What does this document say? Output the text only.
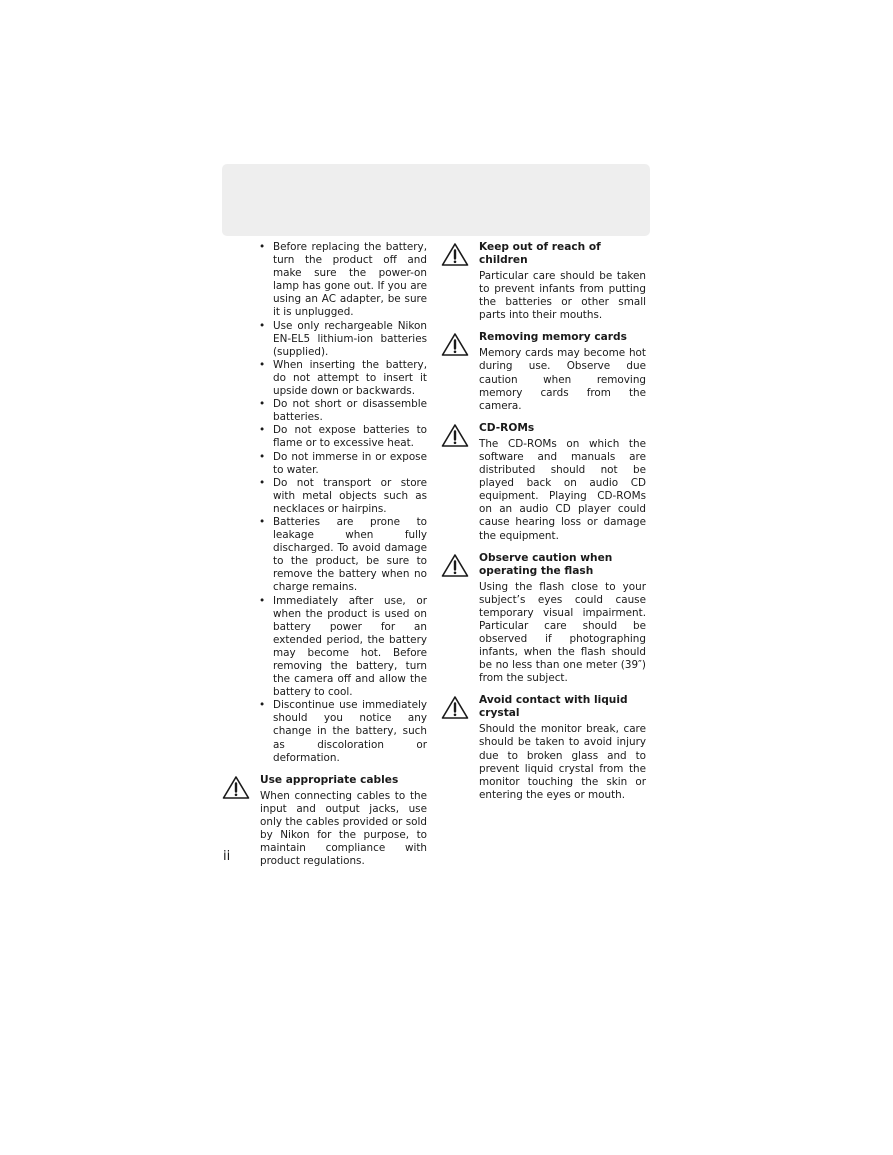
• Before replacing the battery, turn the product off and make sure the power-on lamp has gone out. If you are using an AC adapter, be sure it is unplugged.
• Use only rechargeable Nikon EN-EL5 lithium-ion batteries (supplied).
• When inserting the battery, do not attempt to insert it upside down or backwards.
• Do not short or disassemble batteries.
• Do not expose batteries to flame or to excessive heat.
• Do not immerse in or expose to water.
• Do not transport or store with metal objects such as necklaces or hairpins.
• Batteries are prone to leakage when fully discharged. To avoid damage to the product, be sure to remove the battery when no charge remains.
• Immediately after use, or when the product is used on battery power for an extended period, the battery may become hot. Before removing the battery, turn the camera off and allow the battery to cool.
• Discontinue use immediately should you notice any change in the battery, such as discoloration or deformation.
Use appropriate cables

When connecting cables to the input and output jacks, use only the cables provided or sold by Nikon for the purpose, to maintain compliance with product regulations.

Keep out of reach of children

Particular care should be taken to prevent infants from putting the batteries or other small parts into their mouths.

Removing memory cards

Memory cards may become hot during use. Observe due caution when removing memory cards from the camera.

CD-ROMs

The CD-ROMs on which the software and manuals are distributed should not be played back on audio CD equipment. Playing CD-ROMs on an audio CD player could cause hearing loss or damage the equipment.

Observe caution when operating the flash

Using the flash close to your subject’s eyes could cause temporary visual impairment. Particular care should be observed if photographing infants, when the flash should be no less than one meter (39″) from the subject.

Avoid contact with liquid crystal

Should the monitor break, care should be taken to avoid injury due to broken glass and to prevent liquid crystal from the monitor touching the skin or entering the eyes or mouth.

ii
